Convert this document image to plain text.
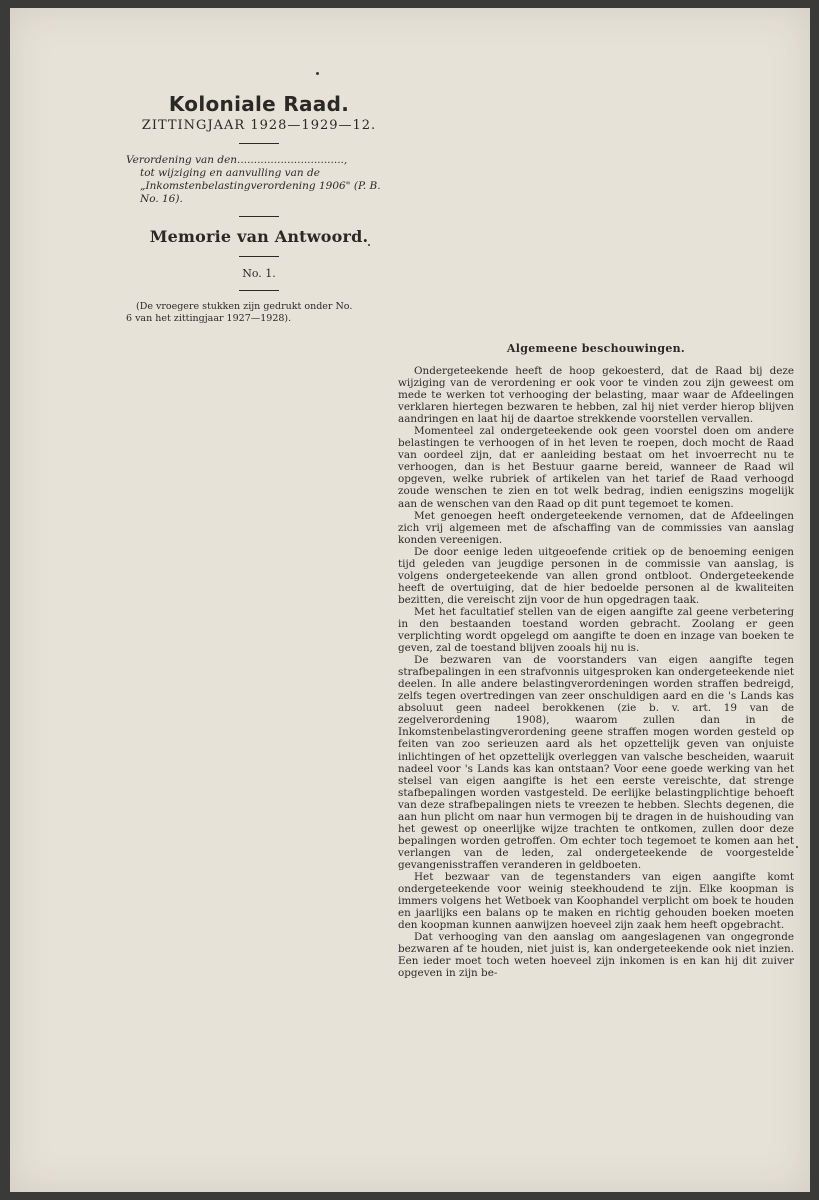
Koloniale Raad.

ZITTINGJAAR 1928—1929—12.

Verordening van den................................,
tot wijziging en aanvulling van de „Inkomstenbelastingverordening 1906" (P. B. No. 16).

Memorie van Antwoord.

No. 1.

(De vroegere stukken zijn gedrukt onder No.
6 van het zittingjaar 1927—1928).

Algemeene beschouwingen.

Ondergeteekende heeft de hoop gekoesterd, dat de Raad bij deze wijziging van de verordening er ook voor te vinden zou zijn geweest om mede te werken tot verhooging der belasting, maar waar de Afdeelingen verklaren hiertegen bezwaren te hebben, zal hij niet verder hierop blijven aandringen en laat hij de daartoe strekkende voorstellen vervallen.

Momenteel zal ondergeteekende ook geen voorstel doen om andere belastingen te verhoogen of in het leven te roepen, doch mocht de Raad van oordeel zijn, dat er aanleiding bestaat om het invoerrecht nu te verhoogen, dan is het Bestuur gaarne bereid, wanneer de Raad wil opgeven, welke rubriek of artikelen van het tarief de Raad verhoogd zoude wenschen te zien en tot welk bedrag, indien eenigszins mogelijk aan de wenschen van den Raad op dit punt tegemoet te komen.

Met genoegen heeft ondergeteekende vernomen, dat de Afdeelingen zich vrij algemeen met de afschaffing van de commissies van aanslag konden vereenigen.

De door eenige leden uitgeoefende critiek op de benoeming eenigen tijd geleden van jeugdige personen in de commissie van aanslag, is volgens ondergeteekende van allen grond ontbloot. Ondergeteekende heeft de overtuiging, dat de hier bedoelde personen al de kwaliteiten bezitten, die vereischt zijn voor de hun opgedragen taak.

Met het facultatief stellen van de eigen aangifte zal geene verbetering in den bestaanden toestand worden gebracht. Zoolang er geen verplichting wordt opgelegd om aangifte te doen en inzage van boeken te geven, zal de toestand blijven zooals hij nu is.

De bezwaren van de voorstanders van eigen aangifte tegen strafbepalingen in een strafvonnis uitgesproken kan ondergeteekende niet deelen. In alle andere belastingverordeningen worden straffen bedreigd, zelfs tegen overtredingen van zeer onschuldigen aard en die 's Lands kas absoluut geen nadeel berokkenen (zie b. v. art. 19 van de zegelverordening 1908), waarom zullen dan in de Inkomstenbelastingverordening geene straffen mogen worden gesteld op feiten van zoo serieuzen aard als het opzettelijk geven van onjuiste inlichtingen of het opzettelijk overleggen van valsche bescheiden, waaruit nadeel voor 's Lands kas kan ontstaan? Voor eene goede werking van het stelsel van eigen aangifte is het een eerste vereischte, dat strenge stafbepalingen worden vastgesteld. De eerlijke belastingplichtige behoeft van deze strafbepalingen niets te vreezen te hebben. Slechts degenen, die aan hun plicht om naar hun vermogen bij te dragen in de huishouding van het gewest op oneerlijke wijze trachten te ontkomen, zullen door deze bepalingen worden getroffen. Om echter toch tegemoet te komen aan het verlangen van de leden, zal ondergeteekende de voorgestelde gevangenisstraffen veranderen in geldboeten.

Het bezwaar van de tegenstanders van eigen aangifte komt ondergeteekende voor weinig steekhoudend te zijn. Elke koopman is immers volgens het Wetboek van Koophandel verplicht om boek te houden en jaarlijks een balans op te maken en richtig gehouden boeken moeten den koopman kunnen aanwijzen hoeveel zijn zaak hem heeft opgebracht.

Dat verhooging van den aanslag om aangeslagenen van ongegronde bezwaren af te houden, niet juist is, kan ondergeteekende ook niet inzien. Een ieder moet toch weten hoeveel zijn inkomen is en kan hij dit zuiver opgeven in zijn be-
